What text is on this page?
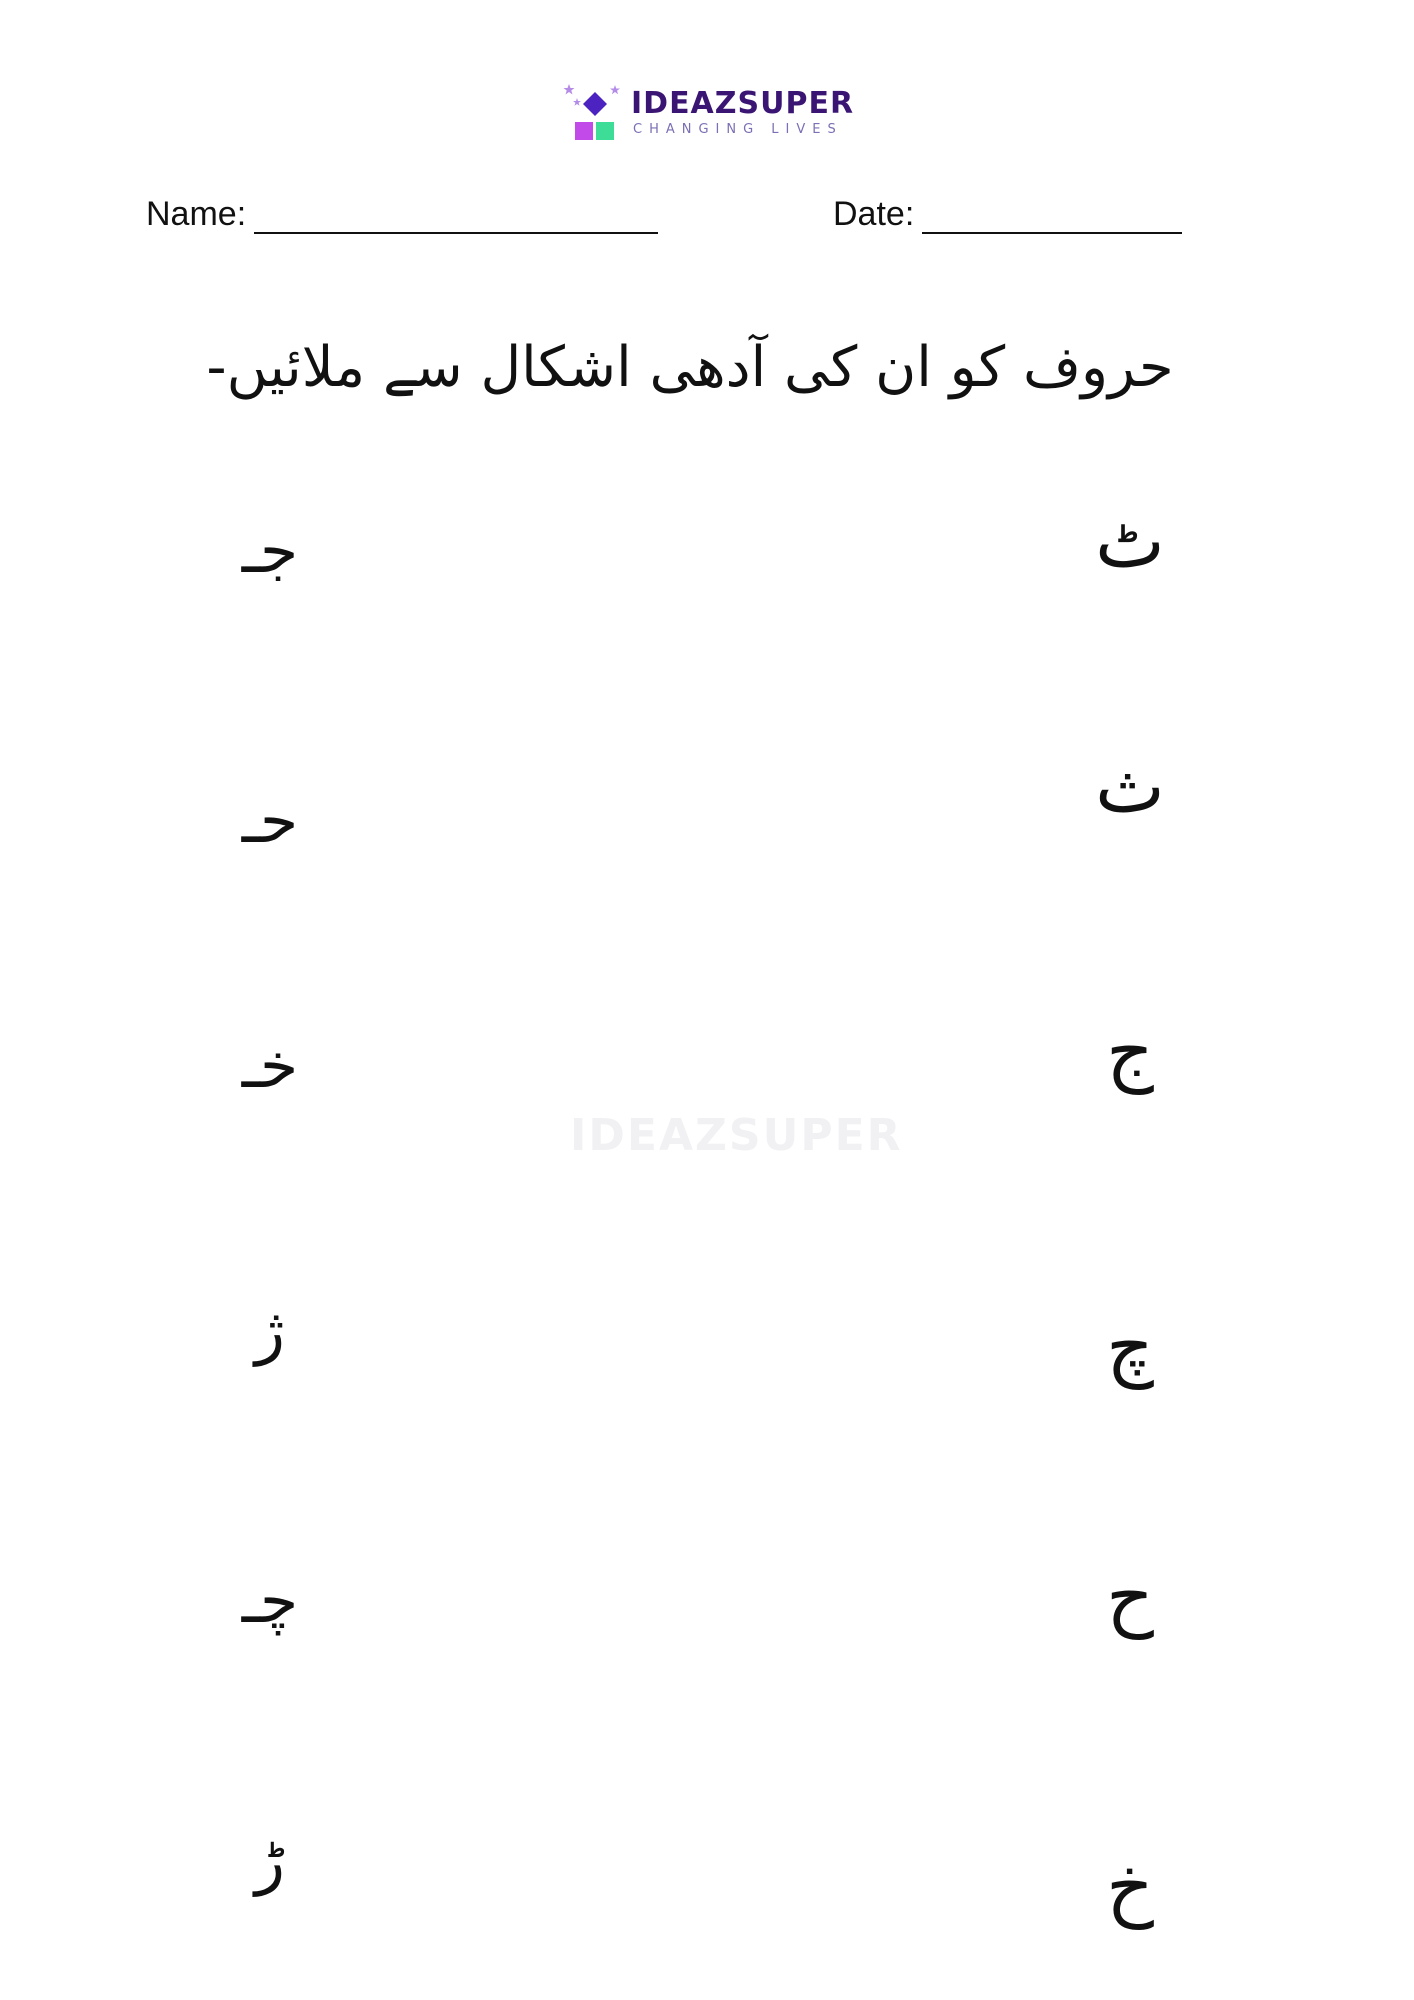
IDEAZSUPER
CHANGING LIVES
Name:	Date:
حروف کو ان کی آدھی اشکال سے ملائیں-
جـ
حـ
خـ
ژ
چـ
ڑ
ٹ
ث
ج
چ
ح
خ
IDEAZSUPER
